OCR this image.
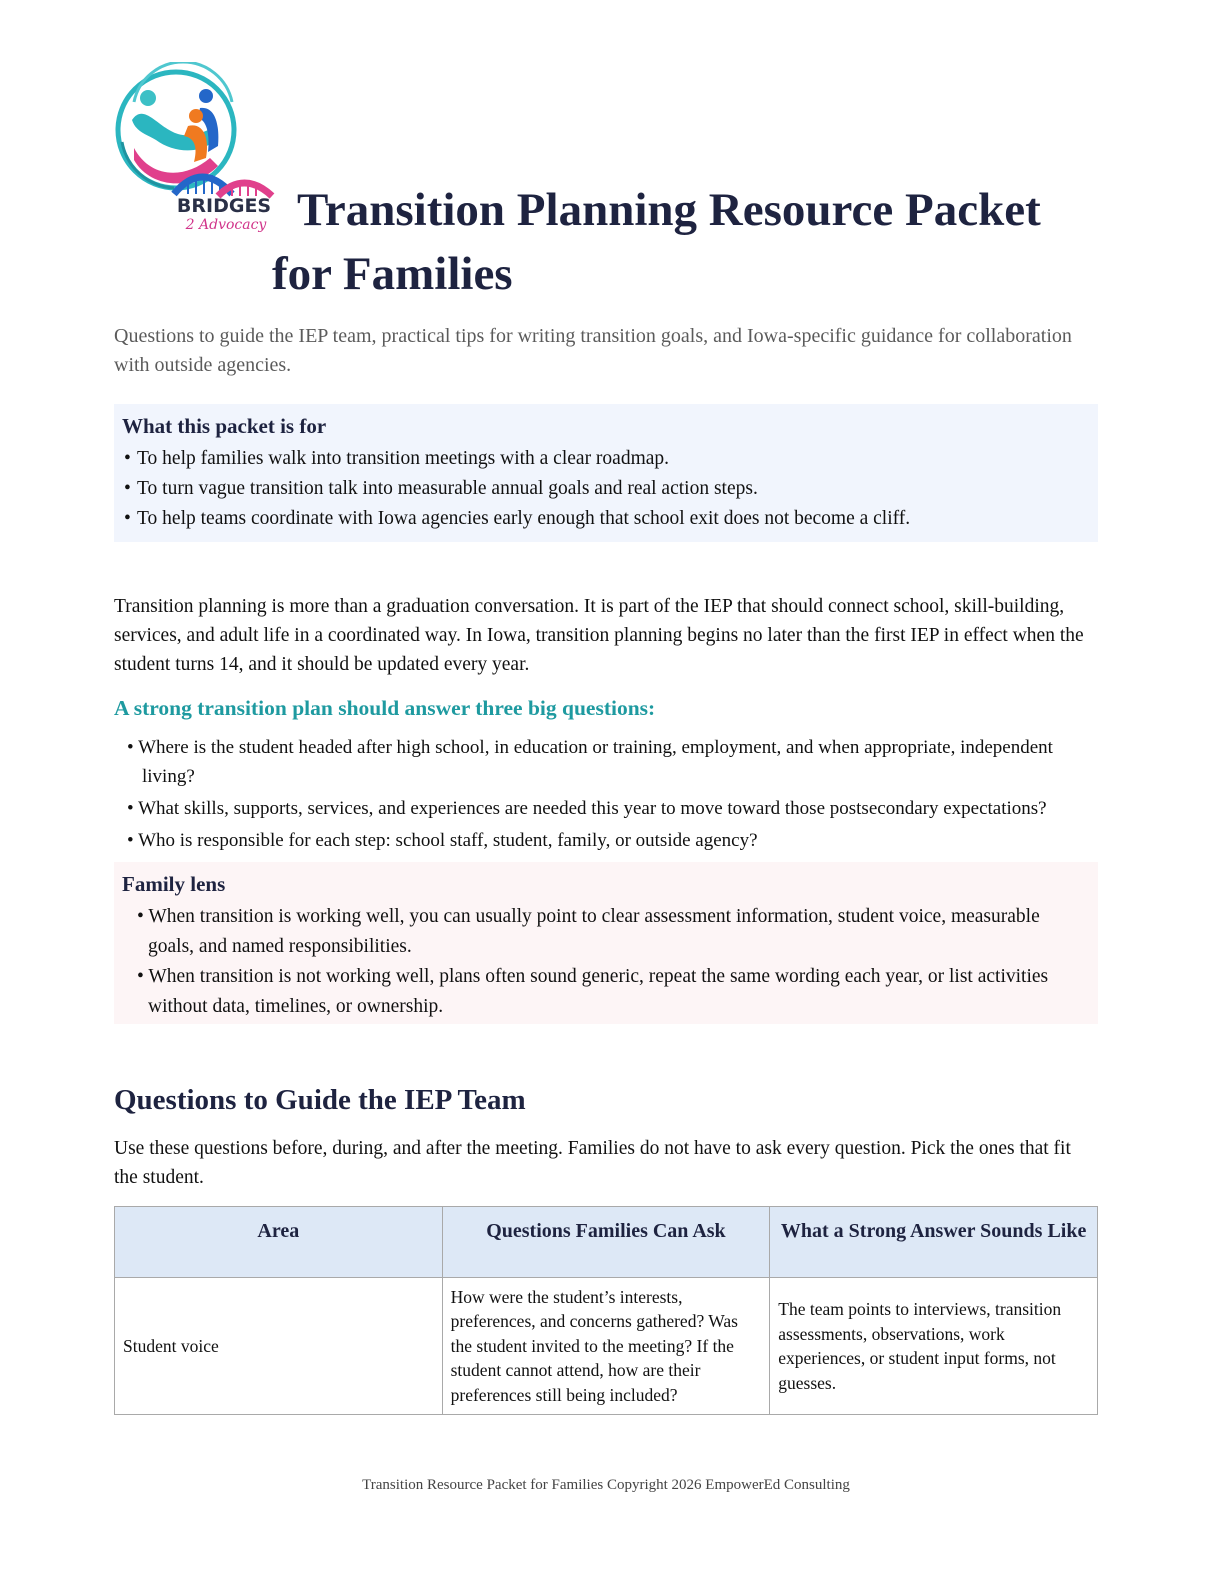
BRIDGES
2 Advocacy Transition Planning Resource Packet
for Families

Questions to guide the IEP team, practical tips for writing transition goals, and Iowa-specific guidance for collaboration with outside agencies.

What this packet is for

• To help families walk into transition meetings with a clear roadmap.
• To turn vague transition talk into measurable annual goals and real action steps.
• To help teams coordinate with Iowa agencies early enough that school exit does not become a cliff.

Transition planning is more than a graduation conversation. It is part of the IEP that should connect school, skill-building, services, and adult life in a coordinated way. In Iowa, transition planning begins no later than the first IEP in effect when the student turns 14, and it should be updated every year.

A strong transition plan should answer three big questions:
• Where is the student headed after high school, in education or training, employment, and when appropriate, independent living?
• What skills, supports, services, and experiences are needed this year to move toward those postsecondary expectations?
• Who is responsible for each step: school staff, student, family, or outside agency?

Family lens

• When transition is working well, you can usually point to clear assessment information, student voice, measurable goals, and named responsibilities.
• When transition is not working well, plans often sound generic, repeat the same wording each year, or list activities without data, timelines, or ownership.
Questions to Guide the IEP Team

Use these questions before, during, and after the meeting. Families do not have to ask every question. Pick the ones that fit the student.

Area	Questions Families Can Ask	What a Strong Answer Sounds Like
Student voice	How were the student’s interests, preferences, and concerns gathered? Was the student invited to the meeting? If the student cannot attend, how are their preferences still being included?	The team points to interviews, transition assessments, observations, work experiences, or student input forms, not guesses.

Transition Resource Packet for Families Copyright 2026 EmpowerEd Consulting
